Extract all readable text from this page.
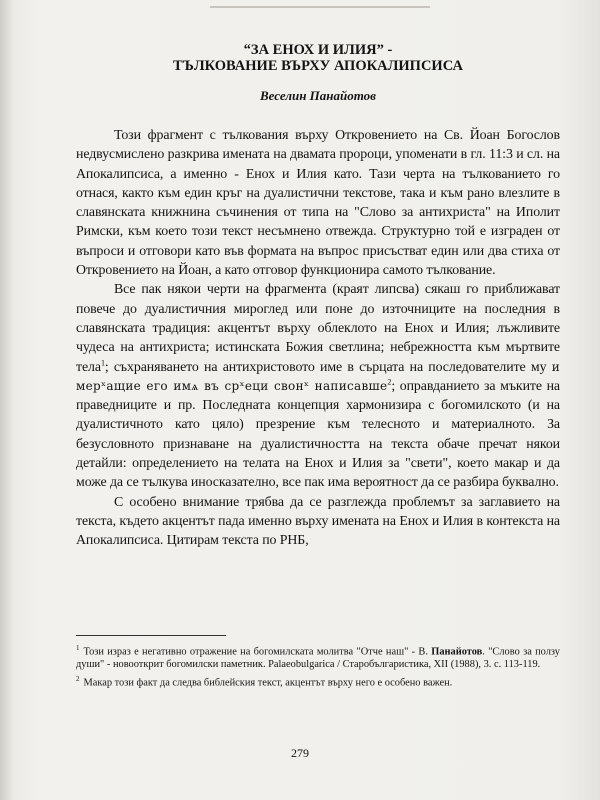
“ЗА ЕНОХ И ИЛИЯ” -
ТЪЛКОВАНИЕ ВЪРХУ АПОКАЛИПСИСА
Веселин Панайотов

Този фрагмент с тълкования върху Откровението на Св. Йоан Богослов недвусмислено разкрива имената на двамата пророци, упоменати в гл. 11:3 и сл. на Апокалипсиса, а именно - Енох и Илия като. Тази черта на тълкованието го отнася, както към един кръг на дуалистични текстове, така и към рано влезлите в славянската книжнина съчинения от типа на "Слово за антихриста" на Иполит Римски, към което този текст несъмнено отвежда. Структурно той е изграден от въпроси и отговори като във формата на въпрос присъстват един или два стиха от Откровението на Йоан, а като отговор функционира самото тълкование.

Все пак някои черти на фрагмента (краят липсва) сякаш го приближават повече до дуалистичния мироглед или поне до източниците на последния в славянската традиция: акцентът върху облеклото на Енох и Илия; лъжливите чудеса на антихриста; истинската Божия светлина; небрежността към мъртвите тела$^1$; съхраняването на антихристовото име в сърцата на последователите му и мерˣащие его имѧ въ срˣеци свонˣ написавше$^2$; оправданието за мъките на праведниците и пр. Последната концепция хармонизира с богомилското (и на дуалистичното като цяло) презрение към телесното и материалното. За безусловното признаване на дуалистичността на текста обаче пречат някои детайли: определението на телата на Енох и Илия за "свети", което макар и да може да се тълкува иносказателно, все пак има вероятност да се разбира буквално.

С особено внимание трябва да се разглежда проблемът за заглавието на текста, където акцентът пада именно върху имената на Енох и Илия в контекста на Апокалипсиса. Цитирам текста по РНБ,

$^1$ Този израз е негативно отражение на богомилската молитва "Отче наш" - В. Панайотов. "Слово за ползу души" - новооткрит богомилски паметник. Palaeobulgarica / Старобългаристика, XII (1988), 3. с. 113-119.

$^2$ Макар този факт да следва библейския текст, акцентът върху него е особено важен.

279
